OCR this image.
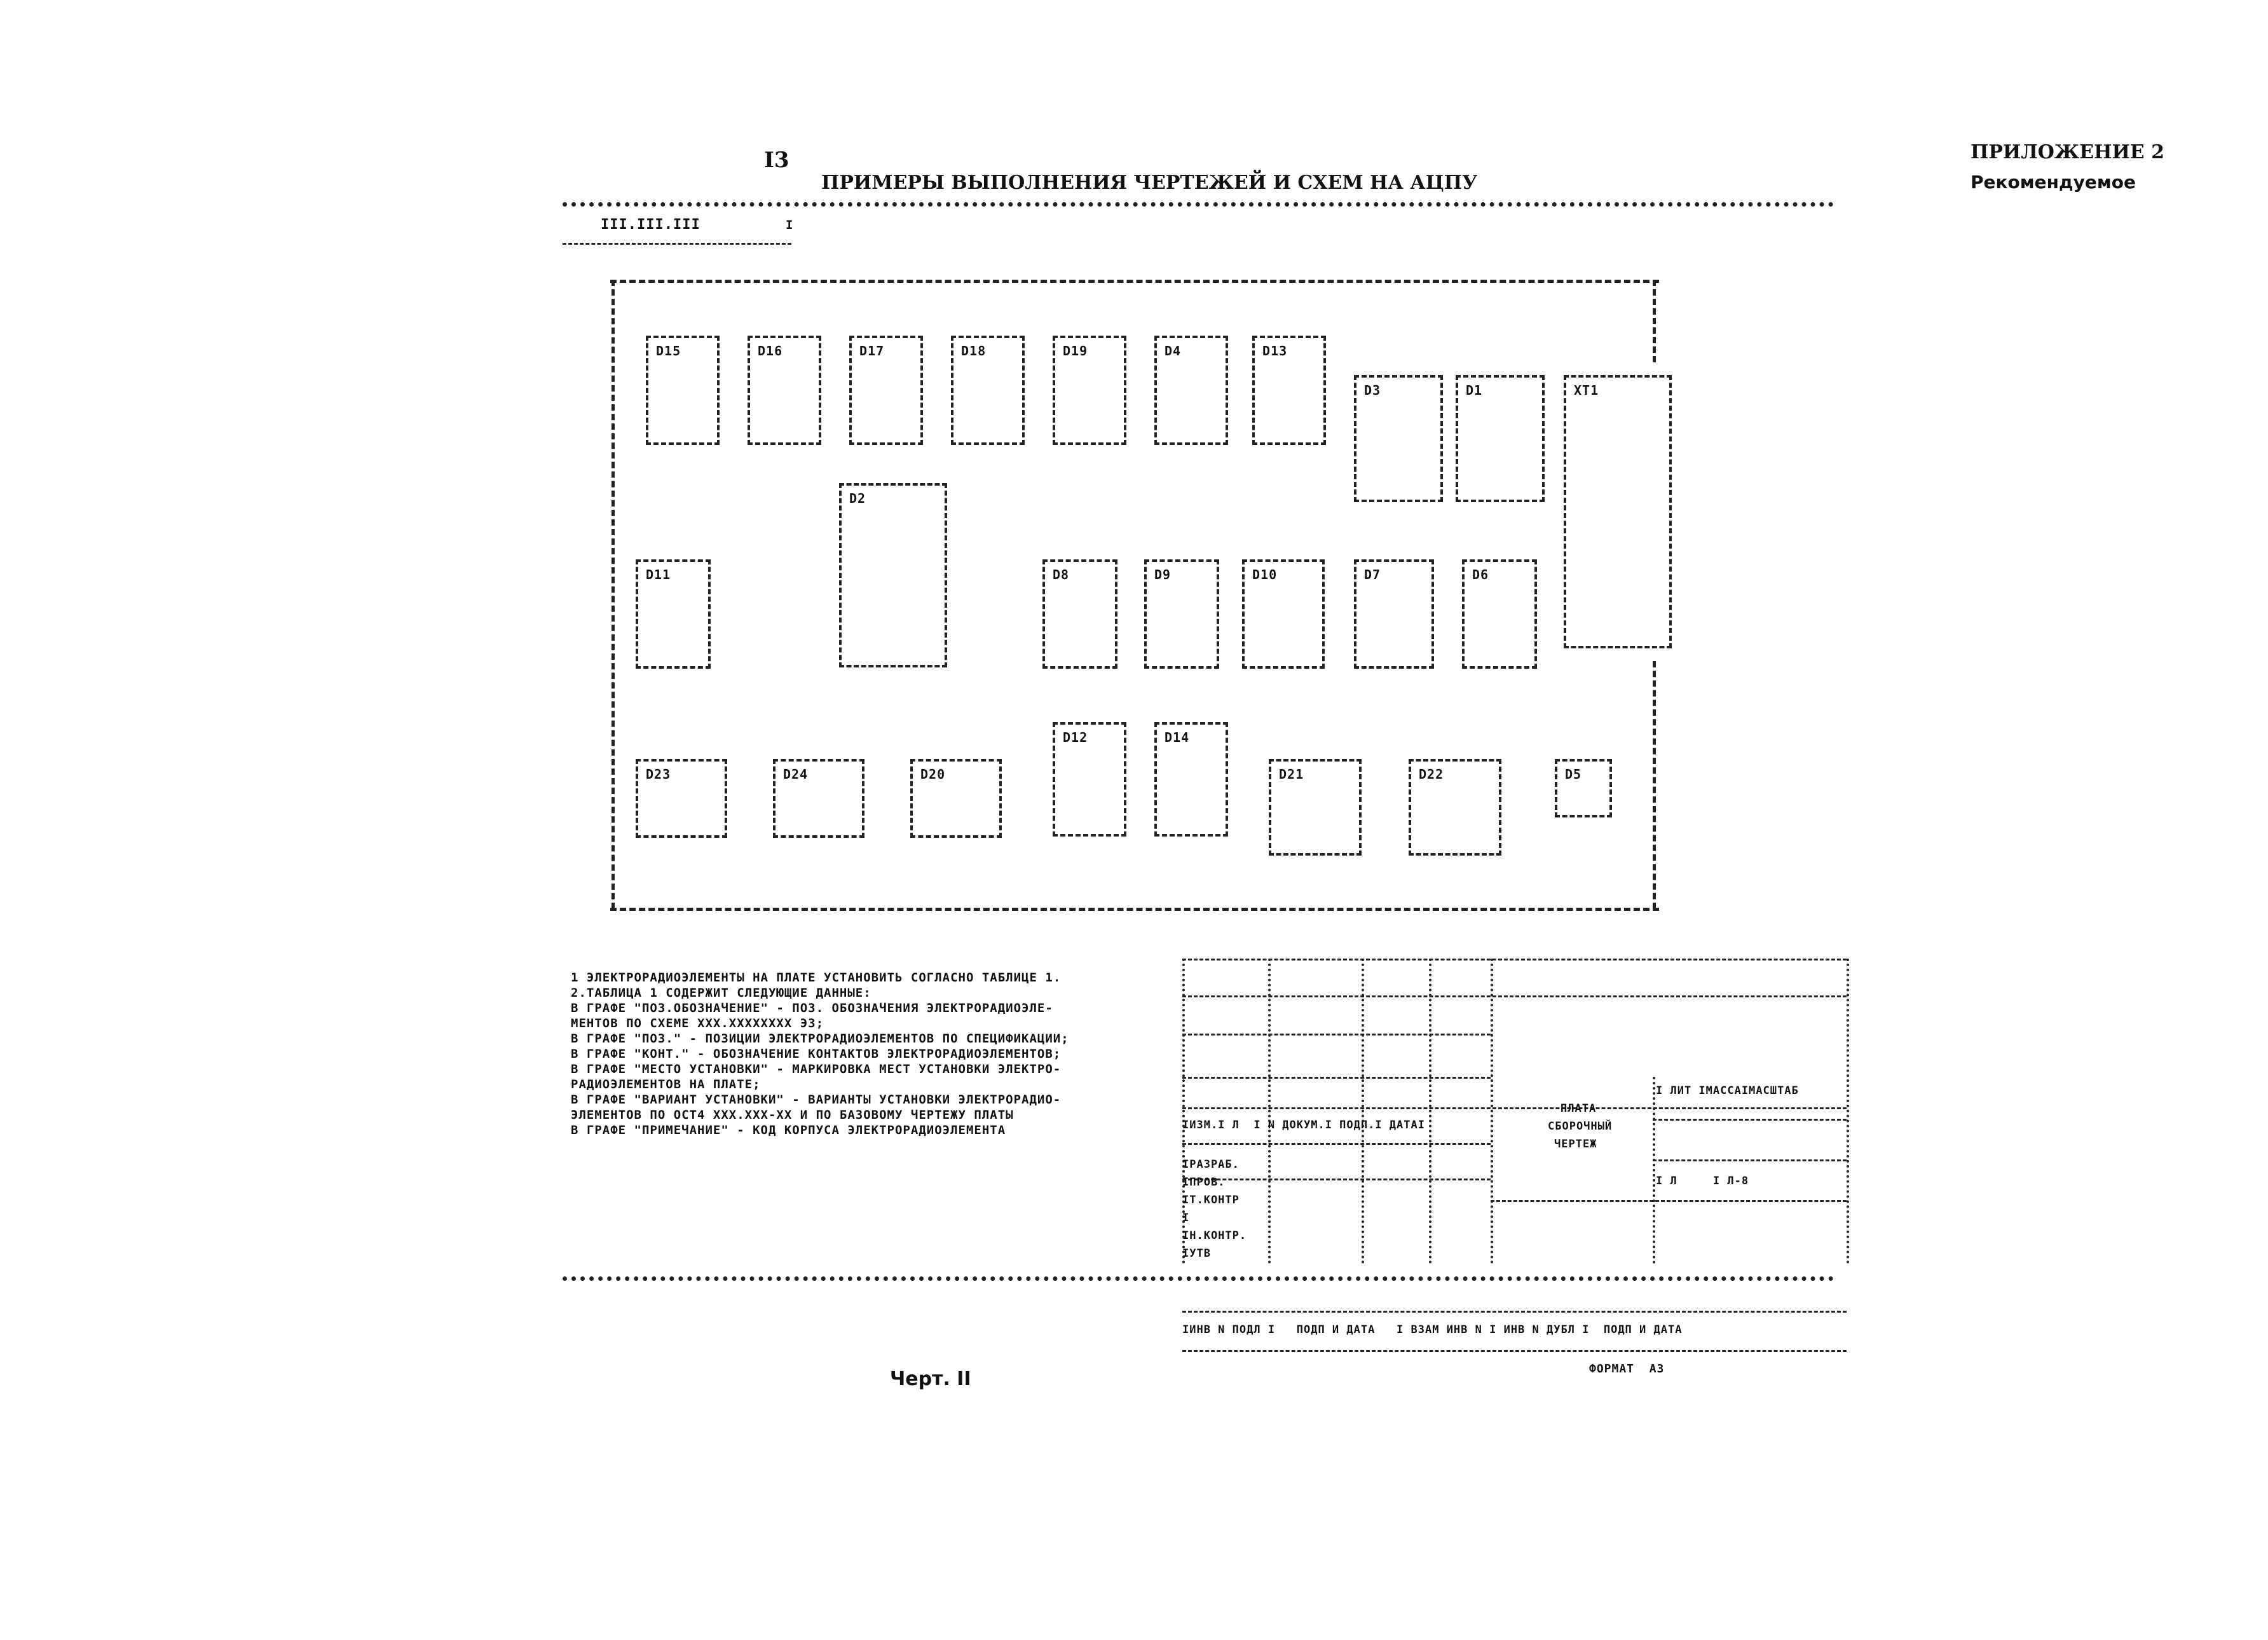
I3
ПРИМЕРЫ ВЫПОЛНЕНИЯ ЧЕРТЕЖЕЙ И СХЕМ НА АЦПУ
ПРИЛОЖЕНИЕ 2
Рекомендуемое
III.III.III	I
D15	D16	D17	D18	D19	D4	D13
D3	D1	XT1
D2
D11	D8	D9	D10	D7	D6
D12	D14
D23	D24	D20	D21	D22	D5
1 ЭЛЕКТРОРАДИОЭЛЕМЕНТЫ НА ПЛАТЕ УСТАНОВИТЬ СОГЛАСНО ТАБЛИЦЕ 1.
2.ТАБЛИЦА 1 СОДЕРЖИТ СЛЕДУЮЩИЕ ДАННЫЕ:
В ГРАФЕ "ПОЗ.ОБОЗНАЧЕНИЕ" - ПОЗ. ОБОЗНАЧЕНИЯ ЭЛЕКТРОРАДИОЭЛЕ-
МЕНТОВ ПО СХЕМЕ ХХХ.ХХХХХХХХ Э3;
В ГРАФЕ "ПОЗ." - ПОЗИЦИИ ЭЛЕКТРОРАДИОЭЛЕМЕНТОВ ПО СПЕЦИФИКАЦИИ;
В ГРАФЕ "КОНТ." - ОБОЗНАЧЕНИЕ КОНТАКТОВ ЭЛЕКТРОРАДИОЭЛЕМЕНТОВ;
В ГРАФЕ "МЕСТО УСТАНОВКИ" - МАРКИРОВКА МЕСТ УСТАНОВКИ ЭЛЕКТРО-
РАДИОЭЛЕМЕНТОВ НА ПЛАТЕ;
В ГРАФЕ "ВАРИАНТ УСТАНОВКИ" - ВАРИАНТЫ УСТАНОВКИ ЭЛЕКТРОРАДИО-
ЭЛЕМЕНТОВ ПО ОСТ4 ХХХ.ХХХ-ХХ И ПО БАЗОВОМУ ЧЕРТЕЖУ ПЛАТЫ
В ГРАФЕ "ПРИМЕЧАНИЕ" - КОД КОРПУСА ЭЛЕКТРОРАДИОЭЛЕМЕНТА	IИЗМ.I Л  I N ДОКУМ.I ПОДП.I ДАТАI
IРАЗРАБ.
IПРОВ.
IТ.КОНТР
I
IН.КОНТР.
IУТВ
ПЛАТА
СБОРОЧНЫЙ
ЧЕРТЕЖ
I ЛИТ IМАССАIМАСШТАБ
I Л     I Л-8
IИНВ N ПОДЛ I   ПОДП И ДАТА   I ВЗАМ ИНВ N I ИНВ N ДУБЛ I  ПОДП И ДАТА
Черт. II	ФОРМАТ  А3
